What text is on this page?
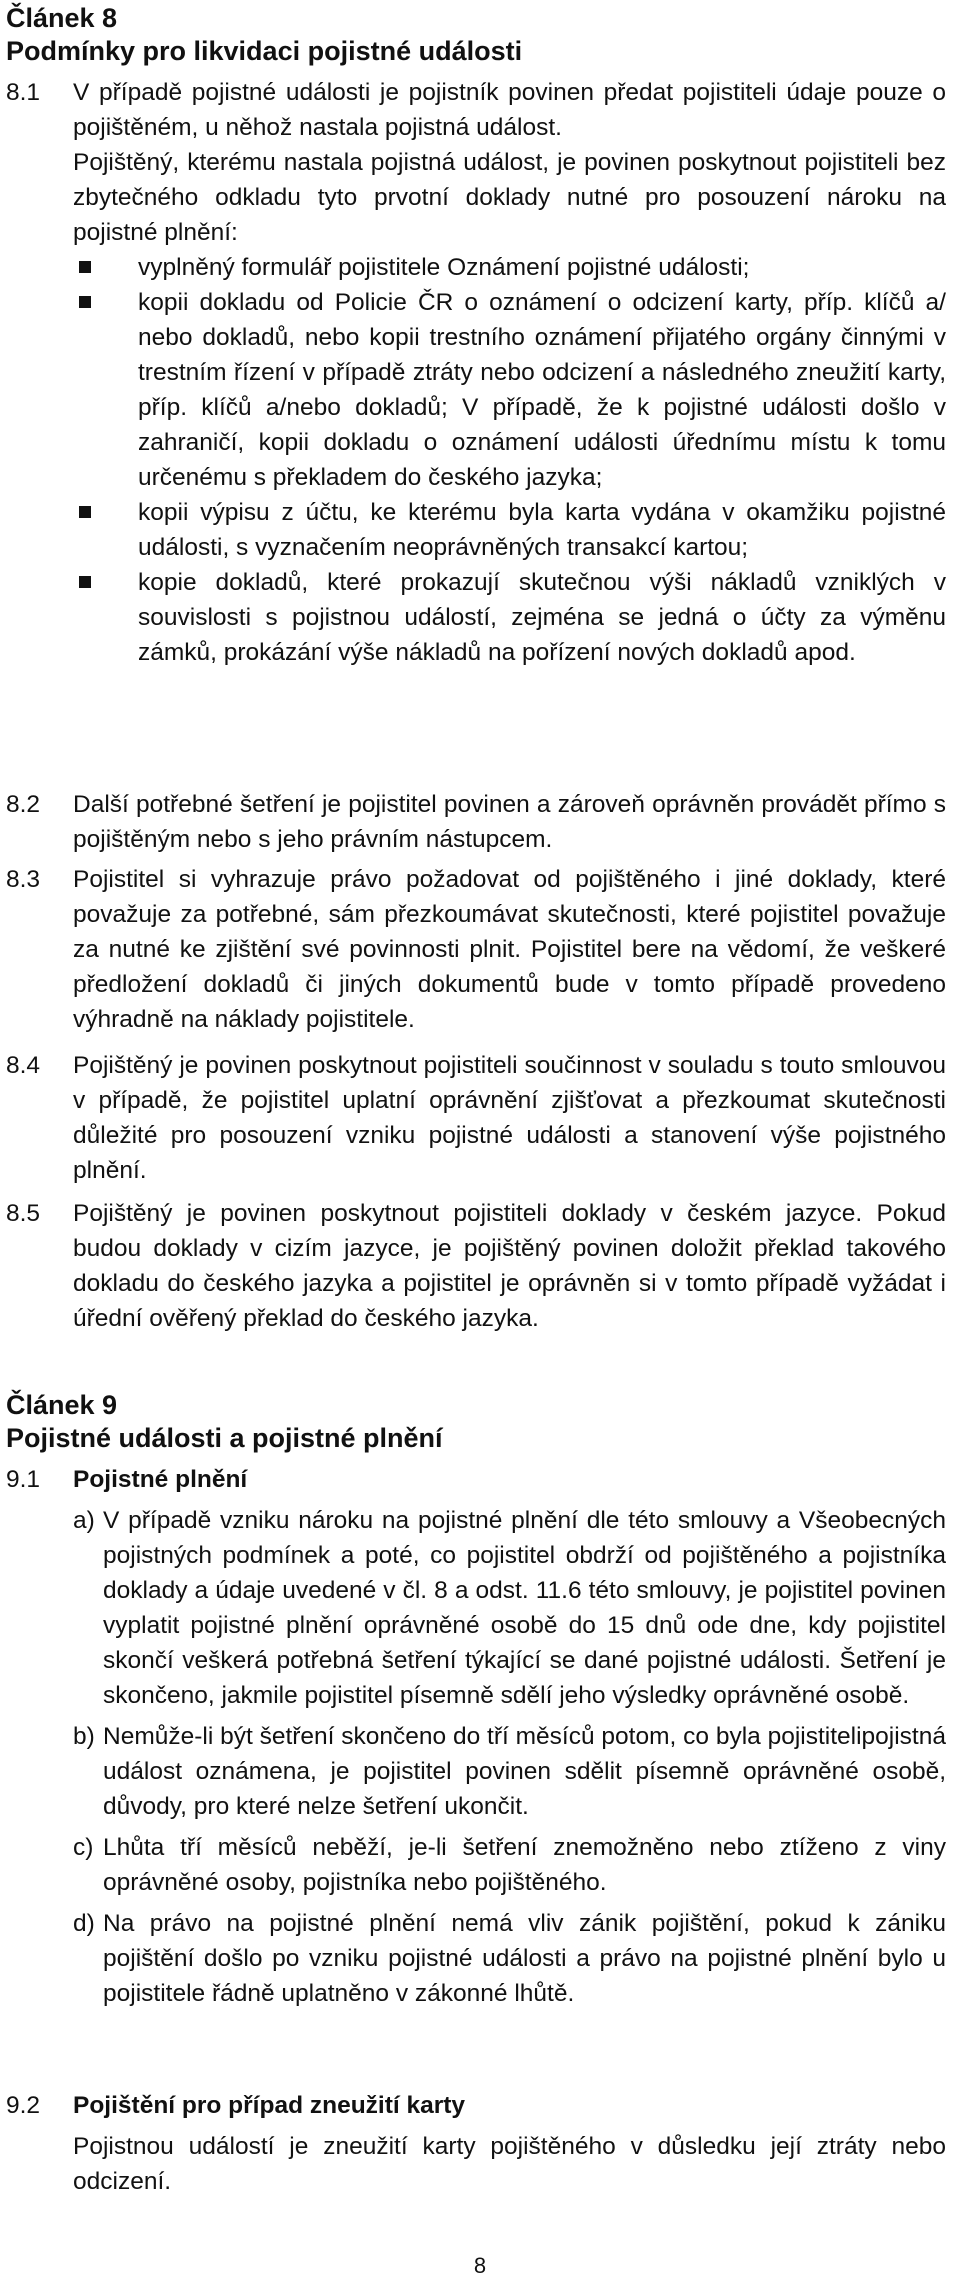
Článek 8

Podmínky pro likvidaci pojistné události

8.1 V případě pojistné události je pojistník povinen předat pojistiteli údaje pouze o pojištěném, u něhož nastala pojistná událost.

Pojištěný, kterému nastala pojistná událost, je povinen poskytnout pojistiteli bez zbytečného odkladu tyto prvotní doklady nutné pro posouzení nároku na pojistné plnění:

vyplněný formulář pojistitele Oznámení pojistné události;
kopii dokladu od Policie ČR o oznámení o odcizení karty, příp. klíčů a/ nebo dokladů, nebo kopii trestního oznámení přijatého orgány činnými v trestním řízení v případě ztráty nebo odcizení a následného zneužití karty, příp. klíčů a/nebo dokladů; V případě, že k pojistné události došlo v zahraničí, kopii dokladu o oznámení události úřednímu místu k tomu určenému s překladem do českého jazyka;
kopii výpisu z účtu, ke kterému byla karta vydána v okamžiku pojistné události, s vyznačením neoprávněných transakcí kartou;
kopie dokladů, které prokazují skutečnou výši nákladů vzniklých v souvislosti s pojistnou událostí, zejména se jedná o účty za výměnu zámků, prokázání výše nákladů na pořízení nových dokladů apod.
8.2 Další potřebné šetření je pojistitel povinen a zároveň oprávněn provádět přímo s pojištěným nebo s jeho právním nástupcem.

8.3 Pojistitel si vyhrazuje právo požadovat od pojištěného i jiné doklady, které považuje za potřebné, sám přezkoumávat skutečnosti, které pojistitel považuje za nutné ke zjištění své povinnosti plnit. Pojistitel bere na vědomí, že veškeré předložení dokladů či jiných dokumentů bude v tomto případě provedeno výhradně na náklady pojistitele.

8.4 Pojištěný je povinen poskytnout pojistiteli součinnost v souladu s touto smlouvou v případě, že pojistitel uplatní oprávnění zjišťovat a přezkoumat skutečnosti důležité pro posouzení vzniku pojistné události a stanovení výše pojistného plnění.

8.5 Pojištěný je povinen poskytnout pojistiteli doklady v českém jazyce. Pokud budou doklady v cizím jazyce, je pojištěný povinen doložit překlad takového dokladu do českého jazyka a pojistitel je oprávněn si v tomto případě vyžádat i úřední ověřený překlad do českého jazyka.

Článek 9

Pojistné události a pojistné plnění

9.1 Pojistné plnění

a) V případě vzniku nároku na pojistné plnění dle této smlouvy a Všeobecných pojistných podmínek a poté, co pojistitel obdrží od pojištěného a pojistníka doklady a údaje uvedené v čl. 8 a odst. 11.6 této smlouvy, je pojistitel povinen vyplatit pojistné plnění oprávněné osobě do 15 dnů ode dne, kdy pojistitel skončí veškerá potřebná šetření týkající se dané pojistné události. Šetření je skončeno, jakmile pojistitel písemně sdělí jeho výsledky oprávněné osobě.
b) Nemůže-li být šetření skončeno do tří měsíců potom, co byla pojistitelipojistná událost oznámena, je pojistitel povinen sdělit písemně oprávněné osobě, důvody, pro které nelze šetření ukončit.
c) Lhůta tří měsíců neběží, je-li šetření znemožněno nebo ztíženo z viny oprávněné osoby, pojistníka nebo pojištěného.
d) Na právo na pojistné plnění nemá vliv zánik pojištění, pokud k zániku pojištění došlo po vzniku pojistné události a právo na pojistné plnění bylo u pojistitele řádně uplatněno v zákonné lhůtě.
9.2 Pojištění pro případ zneužití karty

Pojistnou událostí je zneužití karty pojištěného v důsledku její ztráty nebo odcizení.

8
